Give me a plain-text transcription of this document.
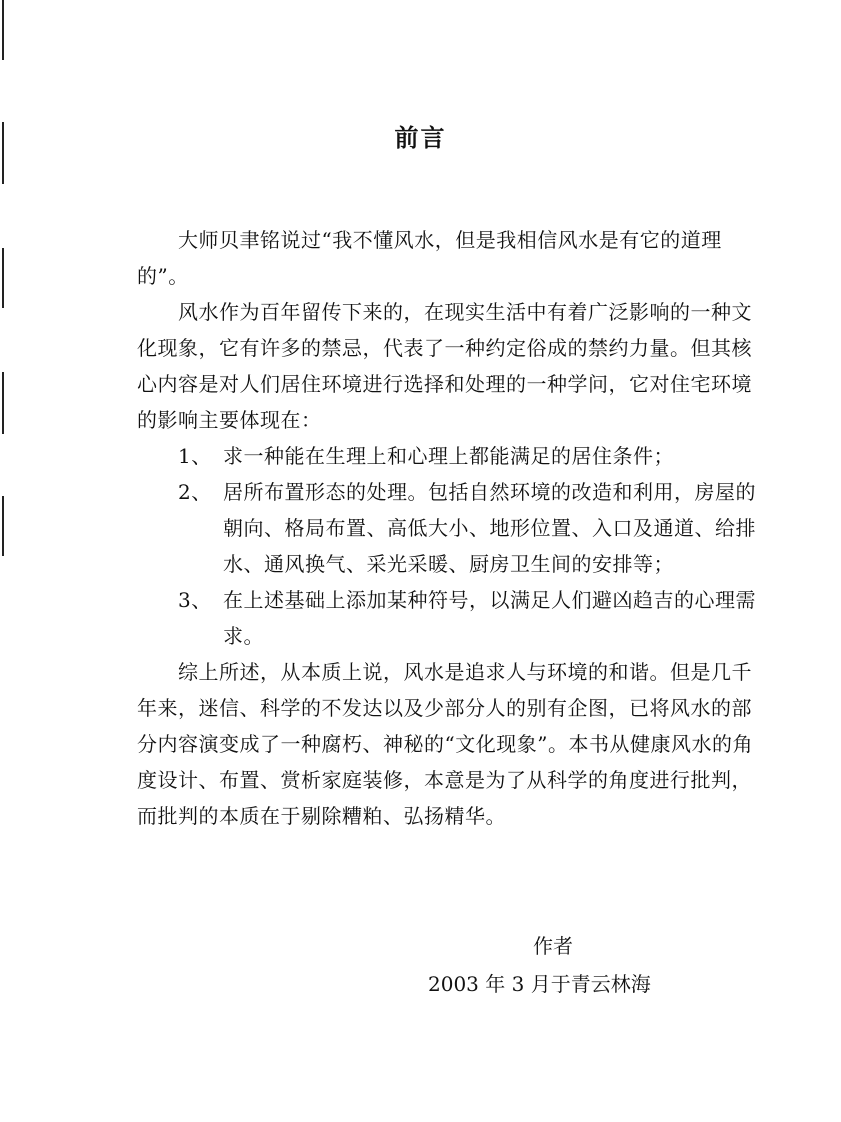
前言

大师贝聿铭说过“我不懂风水，但是我相信风水是有它的道理的”。

风水作为百年留传下来的，在现实生活中有着广泛影响的一种文化现象，它有许多的禁忌，代表了一种约定俗成的禁约力量。但其核心内容是对人们居住环境进行选择和处理的一种学问，它对住宅环境的影响主要体现在：

1、 求一种能在生理上和心理上都能满足的居住条件；
2、 居所布置形态的处理。包括自然环境的改造和利用，房屋的朝向、格局布置、高低大小、地形位置、入口及通道、给排水、通风换气、采光采暖、厨房卫生间的安排等；
3、 在上述基础上添加某种符号，以满足人们避凶趋吉的心理需求。

综上所述，从本质上说，风水是追求人与环境的和谐。但是几千年来，迷信、科学的不发达以及少部分人的别有企图，已将风水的部分内容演变成了一种腐朽、神秘的“文化现象”。本书从健康风水的角度设计、布置、赏析家庭装修，本意是为了从科学的角度进行批判，而批判的本质在于剔除糟粕、弘扬精华。

作者
2003 年 3 月于青云林海
